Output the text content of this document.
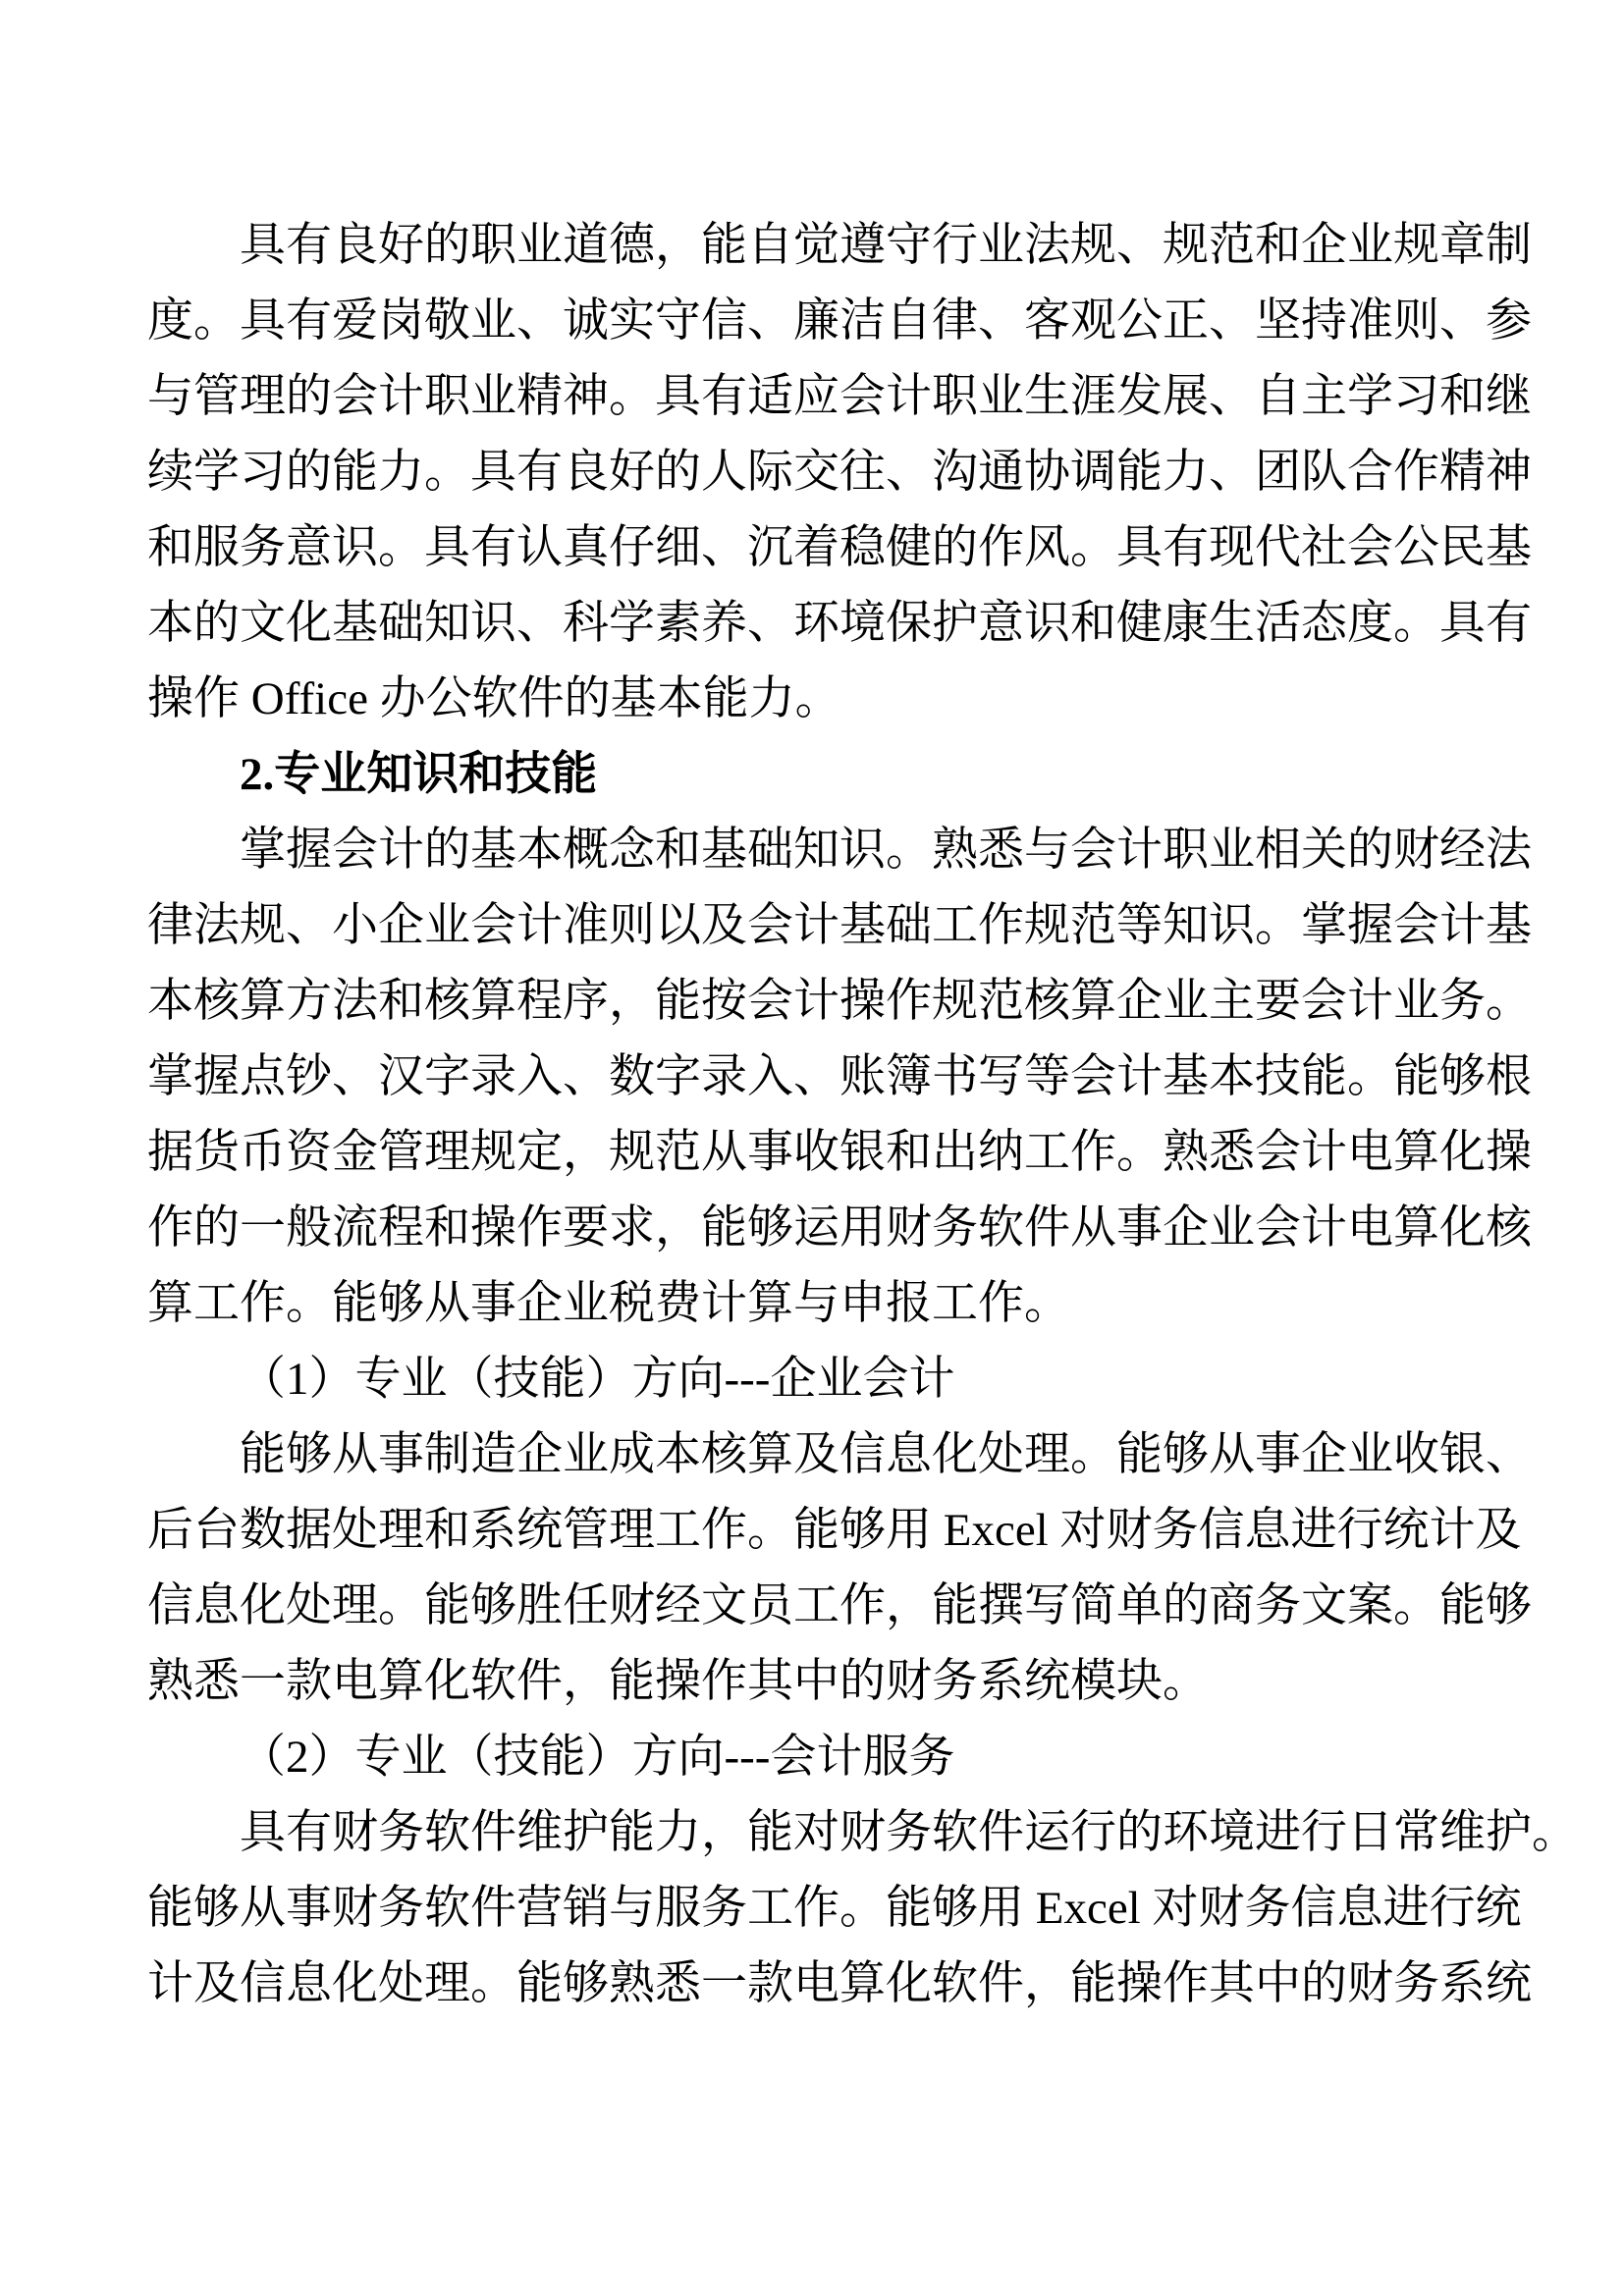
具有良好的职业道德，能自觉遵守行业法规、规范和企业规章制
度。具有爱岗敬业、诚实守信、廉洁自律、客观公正、坚持准则、参
与管理的会计职业精神。具有适应会计职业生涯发展、自主学习和继
续学习的能力。具有良好的人际交往、沟通协调能力、团队合作精神
和服务意识。具有认真仔细、沉着稳健的作风。具有现代社会公民基
本的文化基础知识、科学素养、环境保护意识和健康生活态度。具有
操作 Office 办公软件的基本能力。
2.专业知识和技能
掌握会计的基本概念和基础知识。熟悉与会计职业相关的财经法
律法规、小企业会计准则以及会计基础工作规范等知识。掌握会计基
本核算方法和核算程序，能按会计操作规范核算企业主要会计业务。
掌握点钞、汉字录入、数字录入、账簿书写等会计基本技能。能够根
据货币资金管理规定，规范从事收银和出纳工作。熟悉会计电算化操
作的一般流程和操作要求，能够运用财务软件从事企业会计电算化核
算工作。能够从事企业税费计算与申报工作。
（1）专业（技能）方向---企业会计
能够从事制造企业成本核算及信息化处理。能够从事企业收银、
后台数据处理和系统管理工作。能够用 Excel 对财务信息进行统计及
信息化处理。能够胜任财经文员工作，能撰写简单的商务文案。能够
熟悉一款电算化软件，能操作其中的财务系统模块。
（2）专业（技能）方向---会计服务
具有财务软件维护能力，能对财务软件运行的环境进行日常维护。
能够从事财务软件营销与服务工作。能够用 Excel 对财务信息进行统
计及信息化处理。能够熟悉一款电算化软件，能操作其中的财务系统
